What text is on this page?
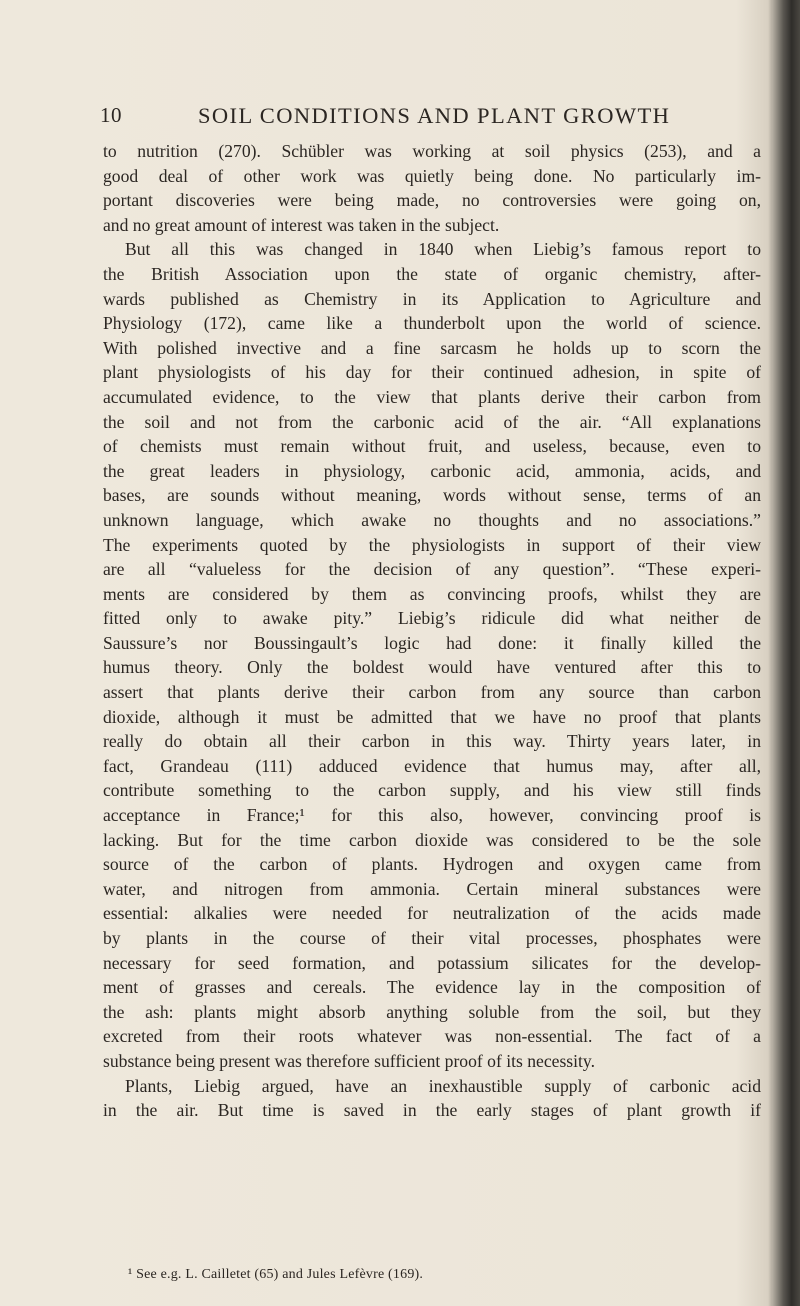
10	SOIL CONDITIONS AND PLANT GROWTH
to nutrition (270). Schübler was working at soil physics (253), and a
good deal of other work was quietly being done. No particularly im-
portant discoveries were being made, no controversies were going on,
and no great amount of interest was taken in the subject.
But all this was changed in 1840 when Liebig’s famous report to
the British Association upon the state of organic chemistry, after-
wards published as Chemistry in its Application to Agriculture and
Physiology (172), came like a thunderbolt upon the world of science.
With polished invective and a fine sarcasm he holds up to scorn the
plant physiologists of his day for their continued adhesion, in spite of
accumulated evidence, to the view that plants derive their carbon from
the soil and not from the carbonic acid of the air. “All explanations
of chemists must remain without fruit, and useless, because, even to
the great leaders in physiology, carbonic acid, ammonia, acids, and
bases, are sounds without meaning, words without sense, terms of an
unknown language, which awake no thoughts and no associations.”
The experiments quoted by the physiologists in support of their view
are all “valueless for the decision of any question”. “These experi-
ments are considered by them as convincing proofs, whilst they are
fitted only to awake pity.” Liebig’s ridicule did what neither de
Saussure’s nor Boussingault’s logic had done: it finally killed the
humus theory. Only the boldest would have ventured after this to
assert that plants derive their carbon from any source than carbon
dioxide, although it must be admitted that we have no proof that plants
really do obtain all their carbon in this way. Thirty years later, in
fact, Grandeau (111) adduced evidence that humus may, after all,
contribute something to the carbon supply, and his view still finds
acceptance in France;¹ for this also, however, convincing proof is
lacking. But for the time carbon dioxide was considered to be the sole
source of the carbon of plants. Hydrogen and oxygen came from
water, and nitrogen from ammonia. Certain mineral substances were
essential: alkalies were needed for neutralization of the acids made
by plants in the course of their vital processes, phosphates were
necessary for seed formation, and potassium silicates for the develop-
ment of grasses and cereals. The evidence lay in the composition of
the ash: plants might absorb anything soluble from the soil, but they
excreted from their roots whatever was non-essential. The fact of a
substance being present was therefore sufficient proof of its necessity.
Plants, Liebig argued, have an inexhaustible supply of carbonic acid
in the air. But time is saved in the early stages of plant growth if
¹ See e.g. L. Cailletet (65) and Jules Lefèvre (169).
